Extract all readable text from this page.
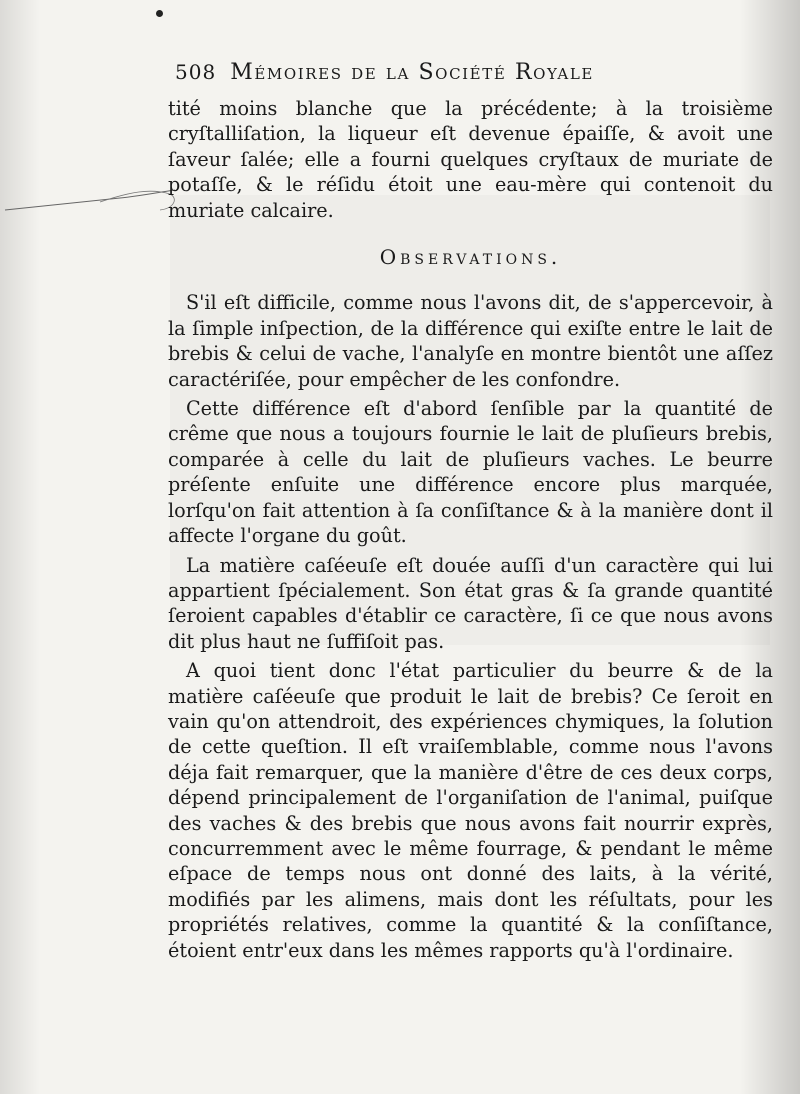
508 Mémoires de la Société Royale

tité moins blanche que la précédente; à la troisième cryſtalliſation, la liqueur eſt devenue épaiſſe, & avoit une ſaveur ſalée; elle a fourni quelques cryſtaux de muriate de potaſſe, & le réſidu étoit une eau-mère qui contenoit du muriate calcaire.

Observations.

S'il eſt difficile, comme nous l'avons dit, de s'appercevoir, à la ſimple inſpection, de la différence qui exiſte entre le lait de brebis & celui de vache, l'analyſe en montre bientôt une aſſez caractériſée, pour empêcher de les confondre.

Cette différence eſt d'abord ſenſible par la quantité de crême que nous a toujours fournie le lait de pluſieurs brebis, comparée à celle du lait de pluſieurs vaches. Le beurre préſente enſuite une différence encore plus marquée, lorſqu'on fait attention à ſa conſiſtance & à la manière dont il affecte l'organe du goût.

La matière caſéeuſe eſt douée auſſi d'un caractère qui lui appartient ſpécialement. Son état gras & ſa grande quantité ſeroient capables d'établir ce caractère, ſi ce que nous avons dit plus haut ne ſuffiſoit pas.

A quoi tient donc l'état particulier du beurre & de la matière caſéeuſe que produit le lait de brebis? Ce ſeroit en vain qu'on attendroit, des expériences chymiques, la ſolution de cette queſtion. Il eſt vraiſemblable, comme nous l'avons déja fait remarquer, que la manière d'être de ces deux corps, dépend principalement de l'organiſation de l'animal, puiſque des vaches & des brebis que nous avons fait nourrir exprès, concurremment avec le même fourrage, & pendant le même eſpace de temps nous ont donné des laits, à la vérité, modifiés par les alimens, mais dont les réſultats, pour les propriétés relatives, comme la quantité & la conſiſtance, étoient entr'eux dans les mêmes rapports qu'à l'ordinaire.
